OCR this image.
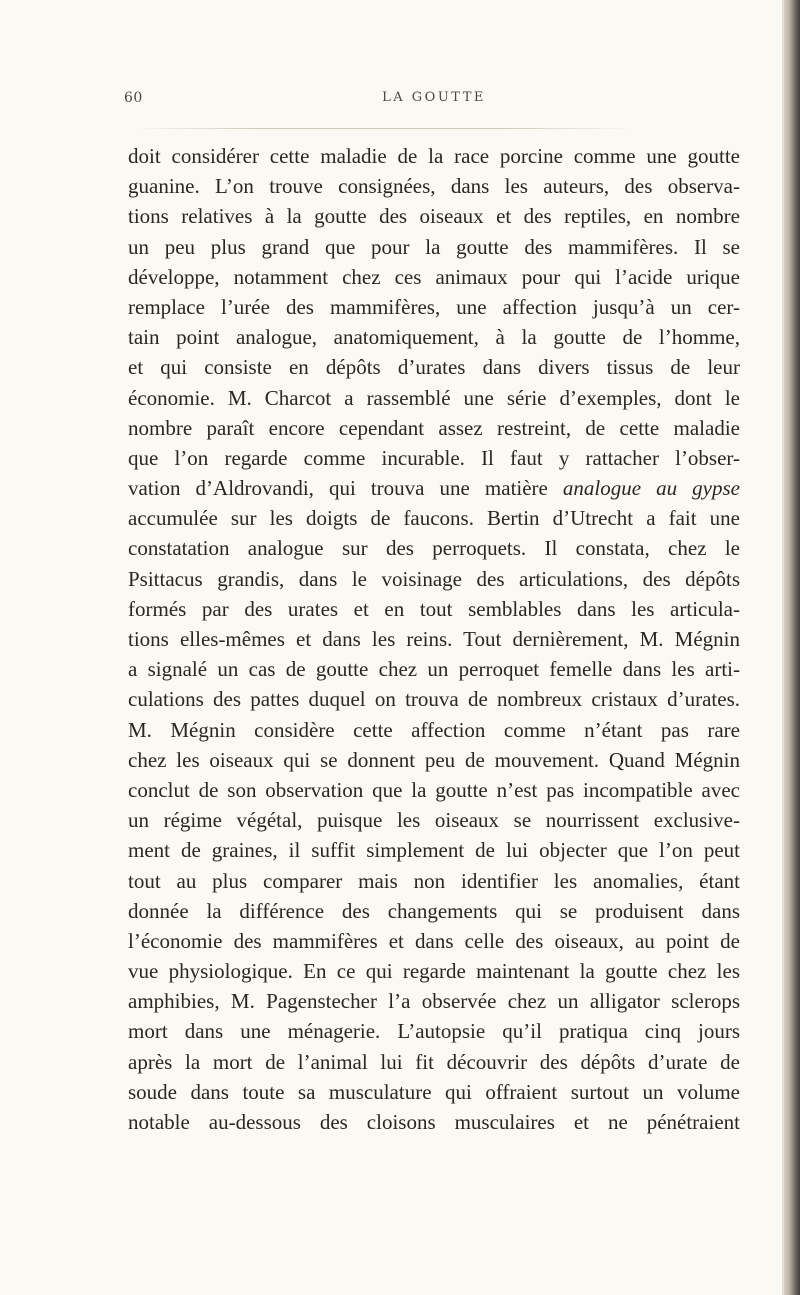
60	LA GOUTTE
doit considérer cette maladie de la race porcine comme une goutte
guanine. L’on trouve consignées, dans les auteurs, des observa-
tions relatives à la goutte des oiseaux et des reptiles, en nombre
un peu plus grand que pour la goutte des mammifères. Il se
développe, notamment chez ces animaux pour qui l’acide urique
remplace l’urée des mammifères, une affection jusqu’à un cer-
tain point analogue, anatomiquement, à la goutte de l’homme,
et qui consiste en dépôts d’urates dans divers tissus de leur
économie. M. Charcot a rassemblé une série d’exemples, dont le
nombre paraît encore cependant assez restreint, de cette maladie
que l’on regarde comme incurable. Il faut y rattacher l’obser-
vation d’Aldrovandi, qui trouva une matière analogue au gypse
accumulée sur les doigts de faucons. Bertin d’Utrecht a fait une
constatation analogue sur des perroquets. Il constata, chez le
Psittacus grandis, dans le voisinage des articulations, des dépôts
formés par des urates et en tout semblables dans les articula-
tions elles-mêmes et dans les reins. Tout dernièrement, M. Mégnin
a signalé un cas de goutte chez un perroquet femelle dans les arti-
culations des pattes duquel on trouva de nombreux cristaux d’urates.
M. Mégnin considère cette affection comme n’étant pas rare
chez les oiseaux qui se donnent peu de mouvement. Quand Mégnin
conclut de son observation que la goutte n’est pas incompatible avec
un régime végétal, puisque les oiseaux se nourrissent exclusive-
ment de graines, il suffit simplement de lui objecter que l’on peut
tout au plus comparer mais non identifier les anomalies, étant
donnée la différence des changements qui se produisent dans
l’économie des mammifères et dans celle des oiseaux, au point de
vue physiologique. En ce qui regarde maintenant la goutte chez les
amphibies, M. Pagenstecher l’a observée chez un alligator sclerops
mort dans une ménagerie. L’autopsie qu’il pratiqua cinq jours
après la mort de l’animal lui fit découvrir des dépôts d’urate de
soude dans toute sa musculature qui offraient surtout un volume
notable au-dessous des cloisons musculaires et ne pénétraient
